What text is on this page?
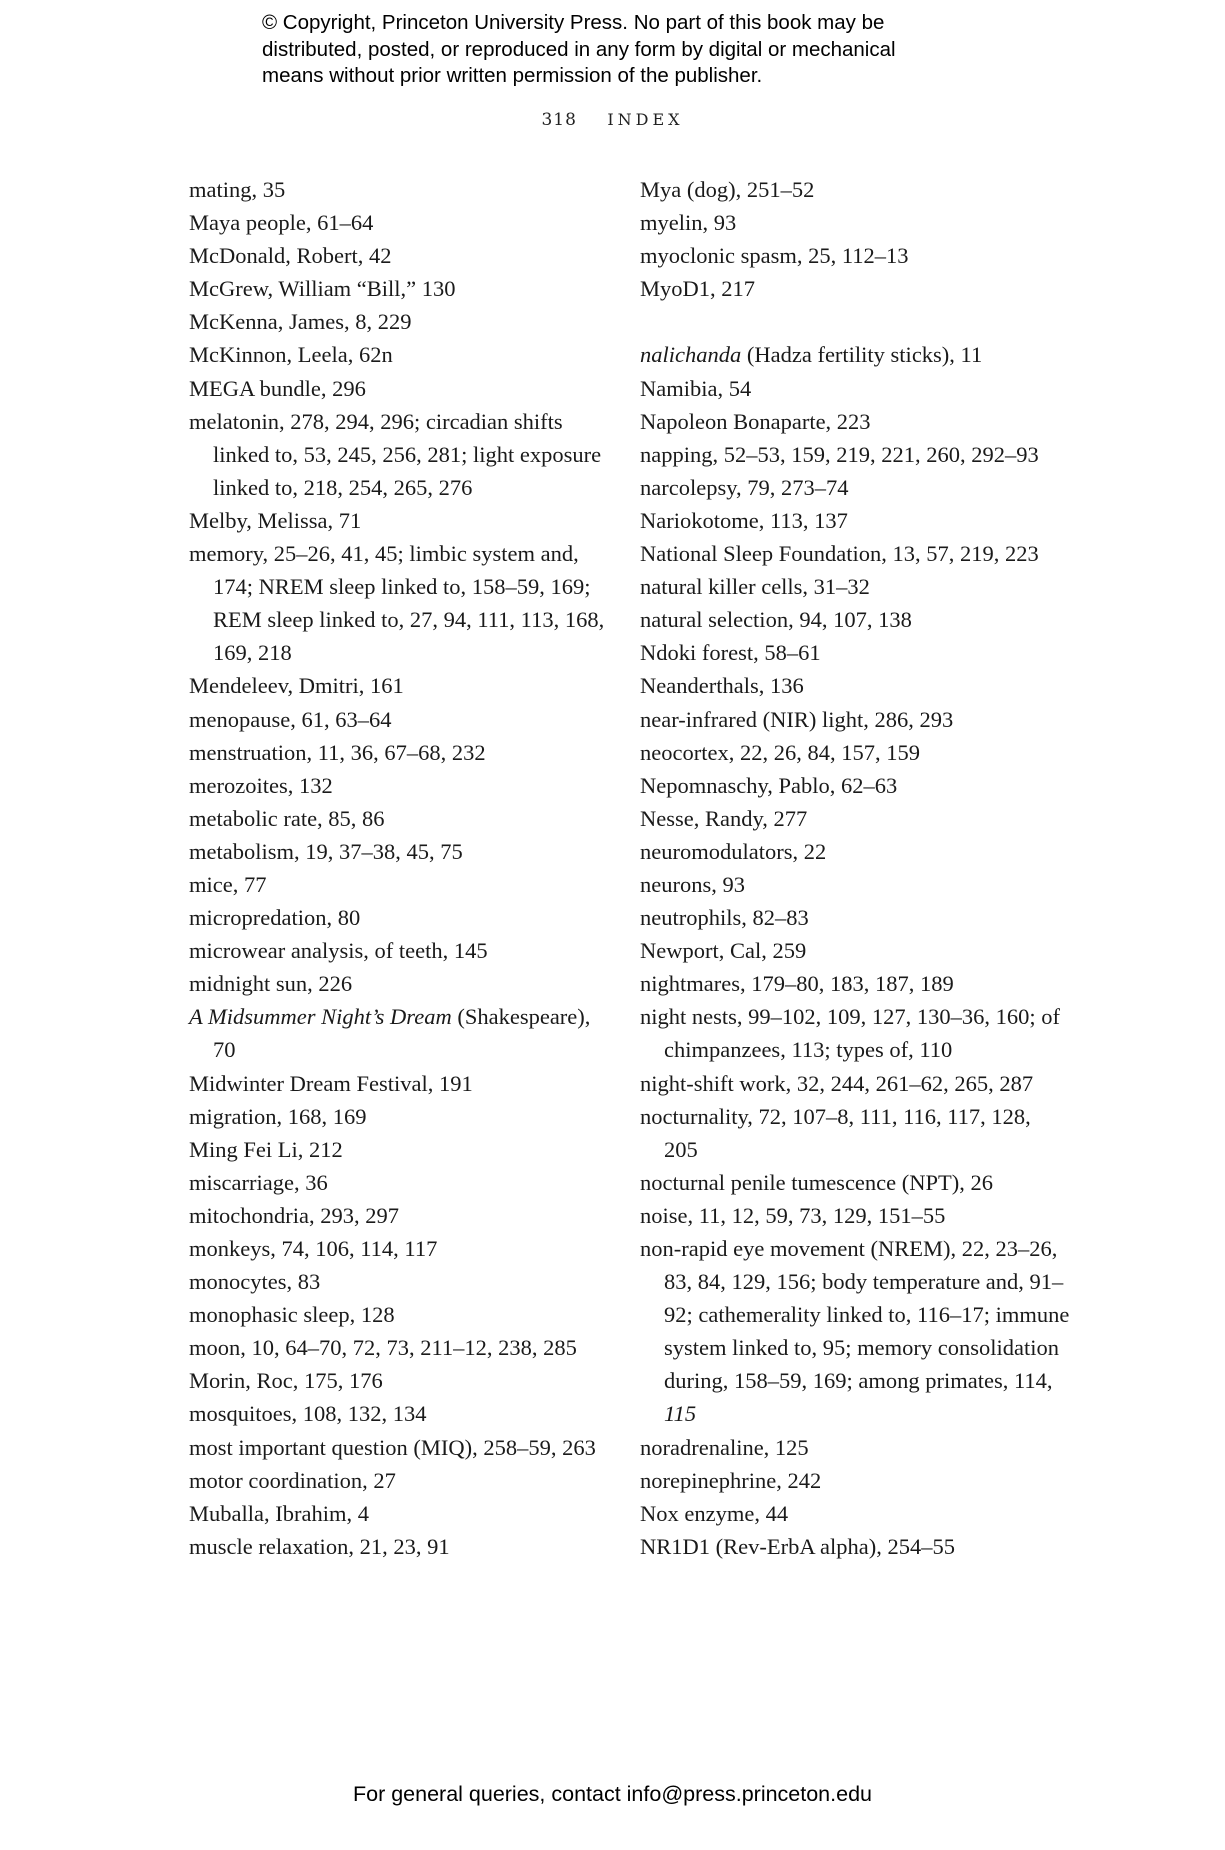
© Copyright, Princeton University Press. No part of this book may be
distributed, posted, or reproduced in any form by digital or mechanical
means without prior written permission of the publisher.
318 INDEX
mating, 35
Maya people, 61–64
McDonald, Robert, 42
McGrew, William “Bill,” 130
McKenna, James, 8, 229
McKinnon, Leela, 62n
MEGA bundle, 296
melatonin, 278, 294, 296; circadian shifts linked to, 53, 245, 256, 281; light exposure linked to, 218, 254, 265, 276
Melby, Melissa, 71
memory, 25–26, 41, 45; limbic system and, 174; NREM sleep linked to, 158–59, 169; REM sleep linked to, 27, 94, 111, 113, 168, 169, 218
Mendeleev, Dmitri, 161
menopause, 61, 63–64
menstruation, 11, 36, 67–68, 232
merozoites, 132
metabolic rate, 85, 86
metabolism, 19, 37–38, 45, 75
mice, 77
micropredation, 80
microwear analysis, of teeth, 145
midnight sun, 226
A Midsummer Night’s Dream (Shakespeare), 70
Midwinter Dream Festival, 191
migration, 168, 169
Ming Fei Li, 212
miscarriage, 36
mitochondria, 293, 297
monkeys, 74, 106, 114, 117
monocytes, 83
monophasic sleep, 128
moon, 10, 64–70, 72, 73, 211–12, 238, 285
Morin, Roc, 175, 176
mosquitoes, 108, 132, 134
most important question (MIQ), 258–59, 263
motor coordination, 27
Muballa, Ibrahim, 4
muscle relaxation, 21, 23, 91
Mya (dog), 251–52
myelin, 93
myoclonic spasm, 25, 112–13
MyoD1, 217
nalichanda (Hadza fertility sticks), 11
Namibia, 54
Napoleon Bonaparte, 223
napping, 52–53, 159, 219, 221, 260, 292–93
narcolepsy, 79, 273–74
Nariokotome, 113, 137
National Sleep Foundation, 13, 57, 219, 223
natural killer cells, 31–32
natural selection, 94, 107, 138
Ndoki forest, 58–61
Neanderthals, 136
near-infrared (NIR) light, 286, 293
neocortex, 22, 26, 84, 157, 159
Nepomnaschy, Pablo, 62–63
Nesse, Randy, 277
neuromodulators, 22
neurons, 93
neutrophils, 82–83
Newport, Cal, 259
nightmares, 179–80, 183, 187, 189
night nests, 99–102, 109, 127, 130–36, 160; of chimpanzees, 113; types of, 110
night-shift work, 32, 244, 261–62, 265, 287
nocturnality, 72, 107–8, 111, 116, 117, 128, 205
nocturnal penile tumescence (NPT), 26
noise, 11, 12, 59, 73, 129, 151–55
non-rapid eye movement (NREM), 22, 23–26, 83, 84, 129, 156; body temperature and, 91–92; cathemerality linked to, 116–17; immune system linked to, 95; memory consolidation during, 158–59, 169; among primates, 114, 115
noradrenaline, 125
norepinephrine, 242
Nox enzyme, 44
NR1D1 (Rev-ErbA alpha), 254–55
For general queries, contact info@press.princeton.edu
